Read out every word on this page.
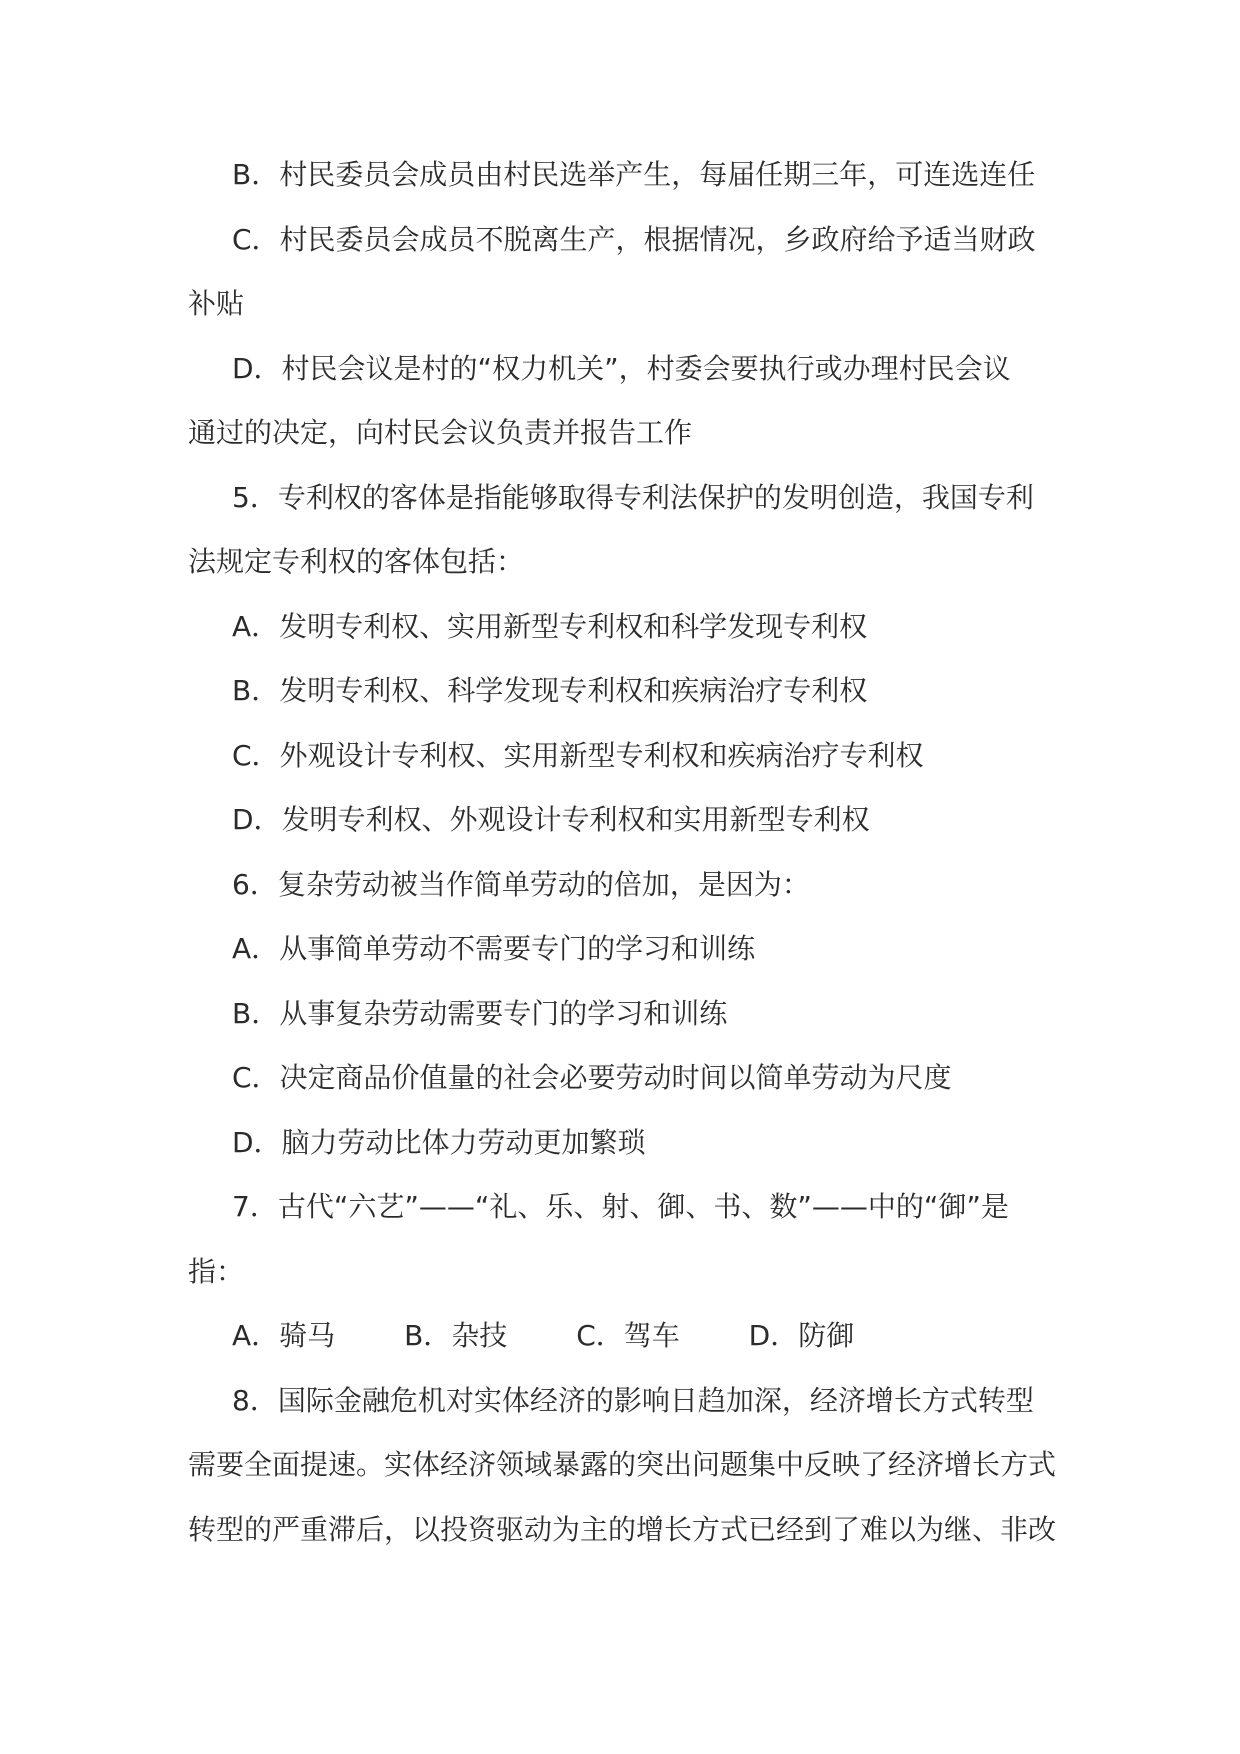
B．村民委员会成员由村民选举产生，每届任期三年，可连选连任
C．村民委员会成员不脱离生产，根据情况，乡政府给予适当财政
补贴
D．村民会议是村的“权力机关”，村委会要执行或办理村民会议
通过的决定，向村民会议负责并报告工作
5．专利权的客体是指能够取得专利法保护的发明创造，我国专利
法规定专利权的客体包括：
A．发明专利权、实用新型专利权和科学发现专利权
B．发明专利权、科学发现专利权和疾病治疗专利权
C．外观设计专利权、实用新型专利权和疾病治疗专利权
D．发明专利权、外观设计专利权和实用新型专利权
6．复杂劳动被当作简单劳动的倍加，是因为：
A．从事简单劳动不需要专门的学习和训练
B．从事复杂劳动需要专门的学习和训练
C．决定商品价值量的社会必要劳动时间以简单劳动为尺度
D．脑力劳动比体力劳动更加繁琐
7．古代“六艺”——“礼、乐、射、御、书、数”——中的“御”是
指：
A．骑马 B．杂技 C．驾车 D．防御
8．国际金融危机对实体经济的影响日趋加深，经济增长方式转型
需要全面提速。实体经济领域暴露的突出问题集中反映了经济增长方式
转型的严重滞后，以投资驱动为主的增长方式已经到了难以为继、非改
